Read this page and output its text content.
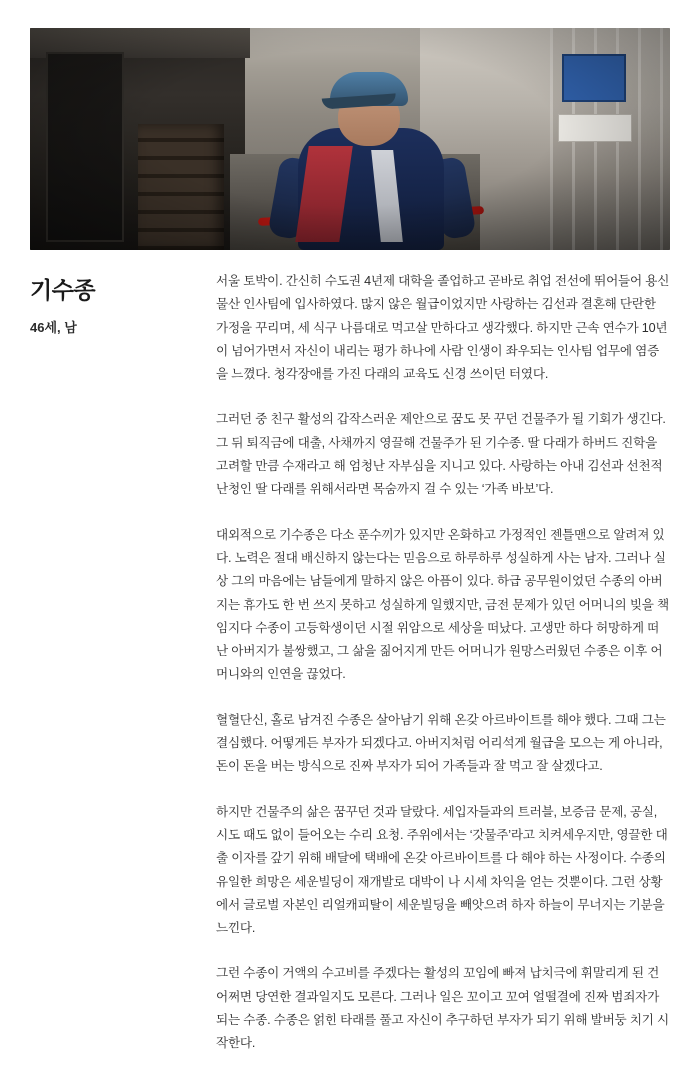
기수종

46세, 남

서울 토박이. 간신히 수도권 4년제 대학을 졸업하고 곧바로 취업 전선에 뛰어들어 용신물산 인사팀에 입사하였다. 많지 않은 월급이었지만 사랑하는 김선과 결혼해 단란한 가정을 꾸리며, 세 식구 나름대로 먹고살 만하다고 생각했다. 하지만 근속 연수가 10년이 넘어가면서 자신이 내리는 평가 하나에 사람 인생이 좌우되는 인사팀 업무에 염증을 느꼈다. 청각장애를 가진 다래의 교육도 신경 쓰이던 터였다.

그러던 중 친구 활성의 갑작스러운 제안으로 꿈도 못 꾸던 건물주가 될 기회가 생긴다. 그 뒤 퇴직금에 대출, 사채까지 영끌해 건물주가 된 기수종. 딸 다래가 하버드 진학을 고려할 만큼 수재라고 해 엄청난 자부심을 지니고 있다. 사랑하는 아내 김선과 선천적 난청인 딸 다래를 위해서라면 목숨까지 걸 수 있는 ‘가족 바보’다.

대외적으로 기수종은 다소 푼수끼가 있지만 온화하고 가정적인 젠틀맨으로 알려져 있다. 노력은 절대 배신하지 않는다는 믿음으로 하루하루 성실하게 사는 남자. 그러나 실상 그의 마음에는 남들에게 말하지 않은 아픔이 있다. 하급 공무원이었던 수종의 아버지는 휴가도 한 번 쓰지 못하고 성실하게 일했지만, 금전 문제가 있던 어머니의 빚을 책임지다 수종이 고등학생이던 시절 위암으로 세상을 떠났다. 고생만 하다 허망하게 떠난 아버지가 불쌍했고, 그 삶을 짊어지게 만든 어머니가 원망스러웠던 수종은 이후 어머니와의 인연을 끊었다.

혈혈단신, 홀로 남겨진 수종은 살아남기 위해 온갖 아르바이트를 해야 했다. 그때 그는 결심했다. 어떻게든 부자가 되겠다고. 아버지처럼 어리석게 월급을 모으는 게 아니라, 돈이 돈을 버는 방식으로 진짜 부자가 되어 가족들과 잘 먹고 잘 살겠다고.

하지만 건물주의 삶은 꿈꾸던 것과 달랐다. 세입자들과의 트러블, 보증금 문제, 공실, 시도 때도 없이 들어오는 수리 요청. 주위에서는 ‘갓물주’라고 치켜세우지만, 영끌한 대출 이자를 갚기 위해 배달에 택배에 온갖 아르바이트를 다 해야 하는 사정이다. 수종의 유일한 희망은 세운빌딩이 재개발로 대박이 나 시세 차익을 얻는 것뿐이다. 그런 상황에서 글로벌 자본인 리얼캐피탈이 세운빌딩을 빼앗으려 하자 하늘이 무너지는 기분을 느낀다.

그런 수종이 거액의 수고비를 주겠다는 활성의 꼬임에 빠져 납치극에 휘말리게 된 건 어쩌면 당연한 결과일지도 모른다. 그러나 일은 꼬이고 꼬여 얼떨결에 진짜 범죄자가 되는 수종. 수종은 얽힌 타래를 풀고 자신이 추구하던 부자가 되기 위해 발버둥 치기 시작한다.
